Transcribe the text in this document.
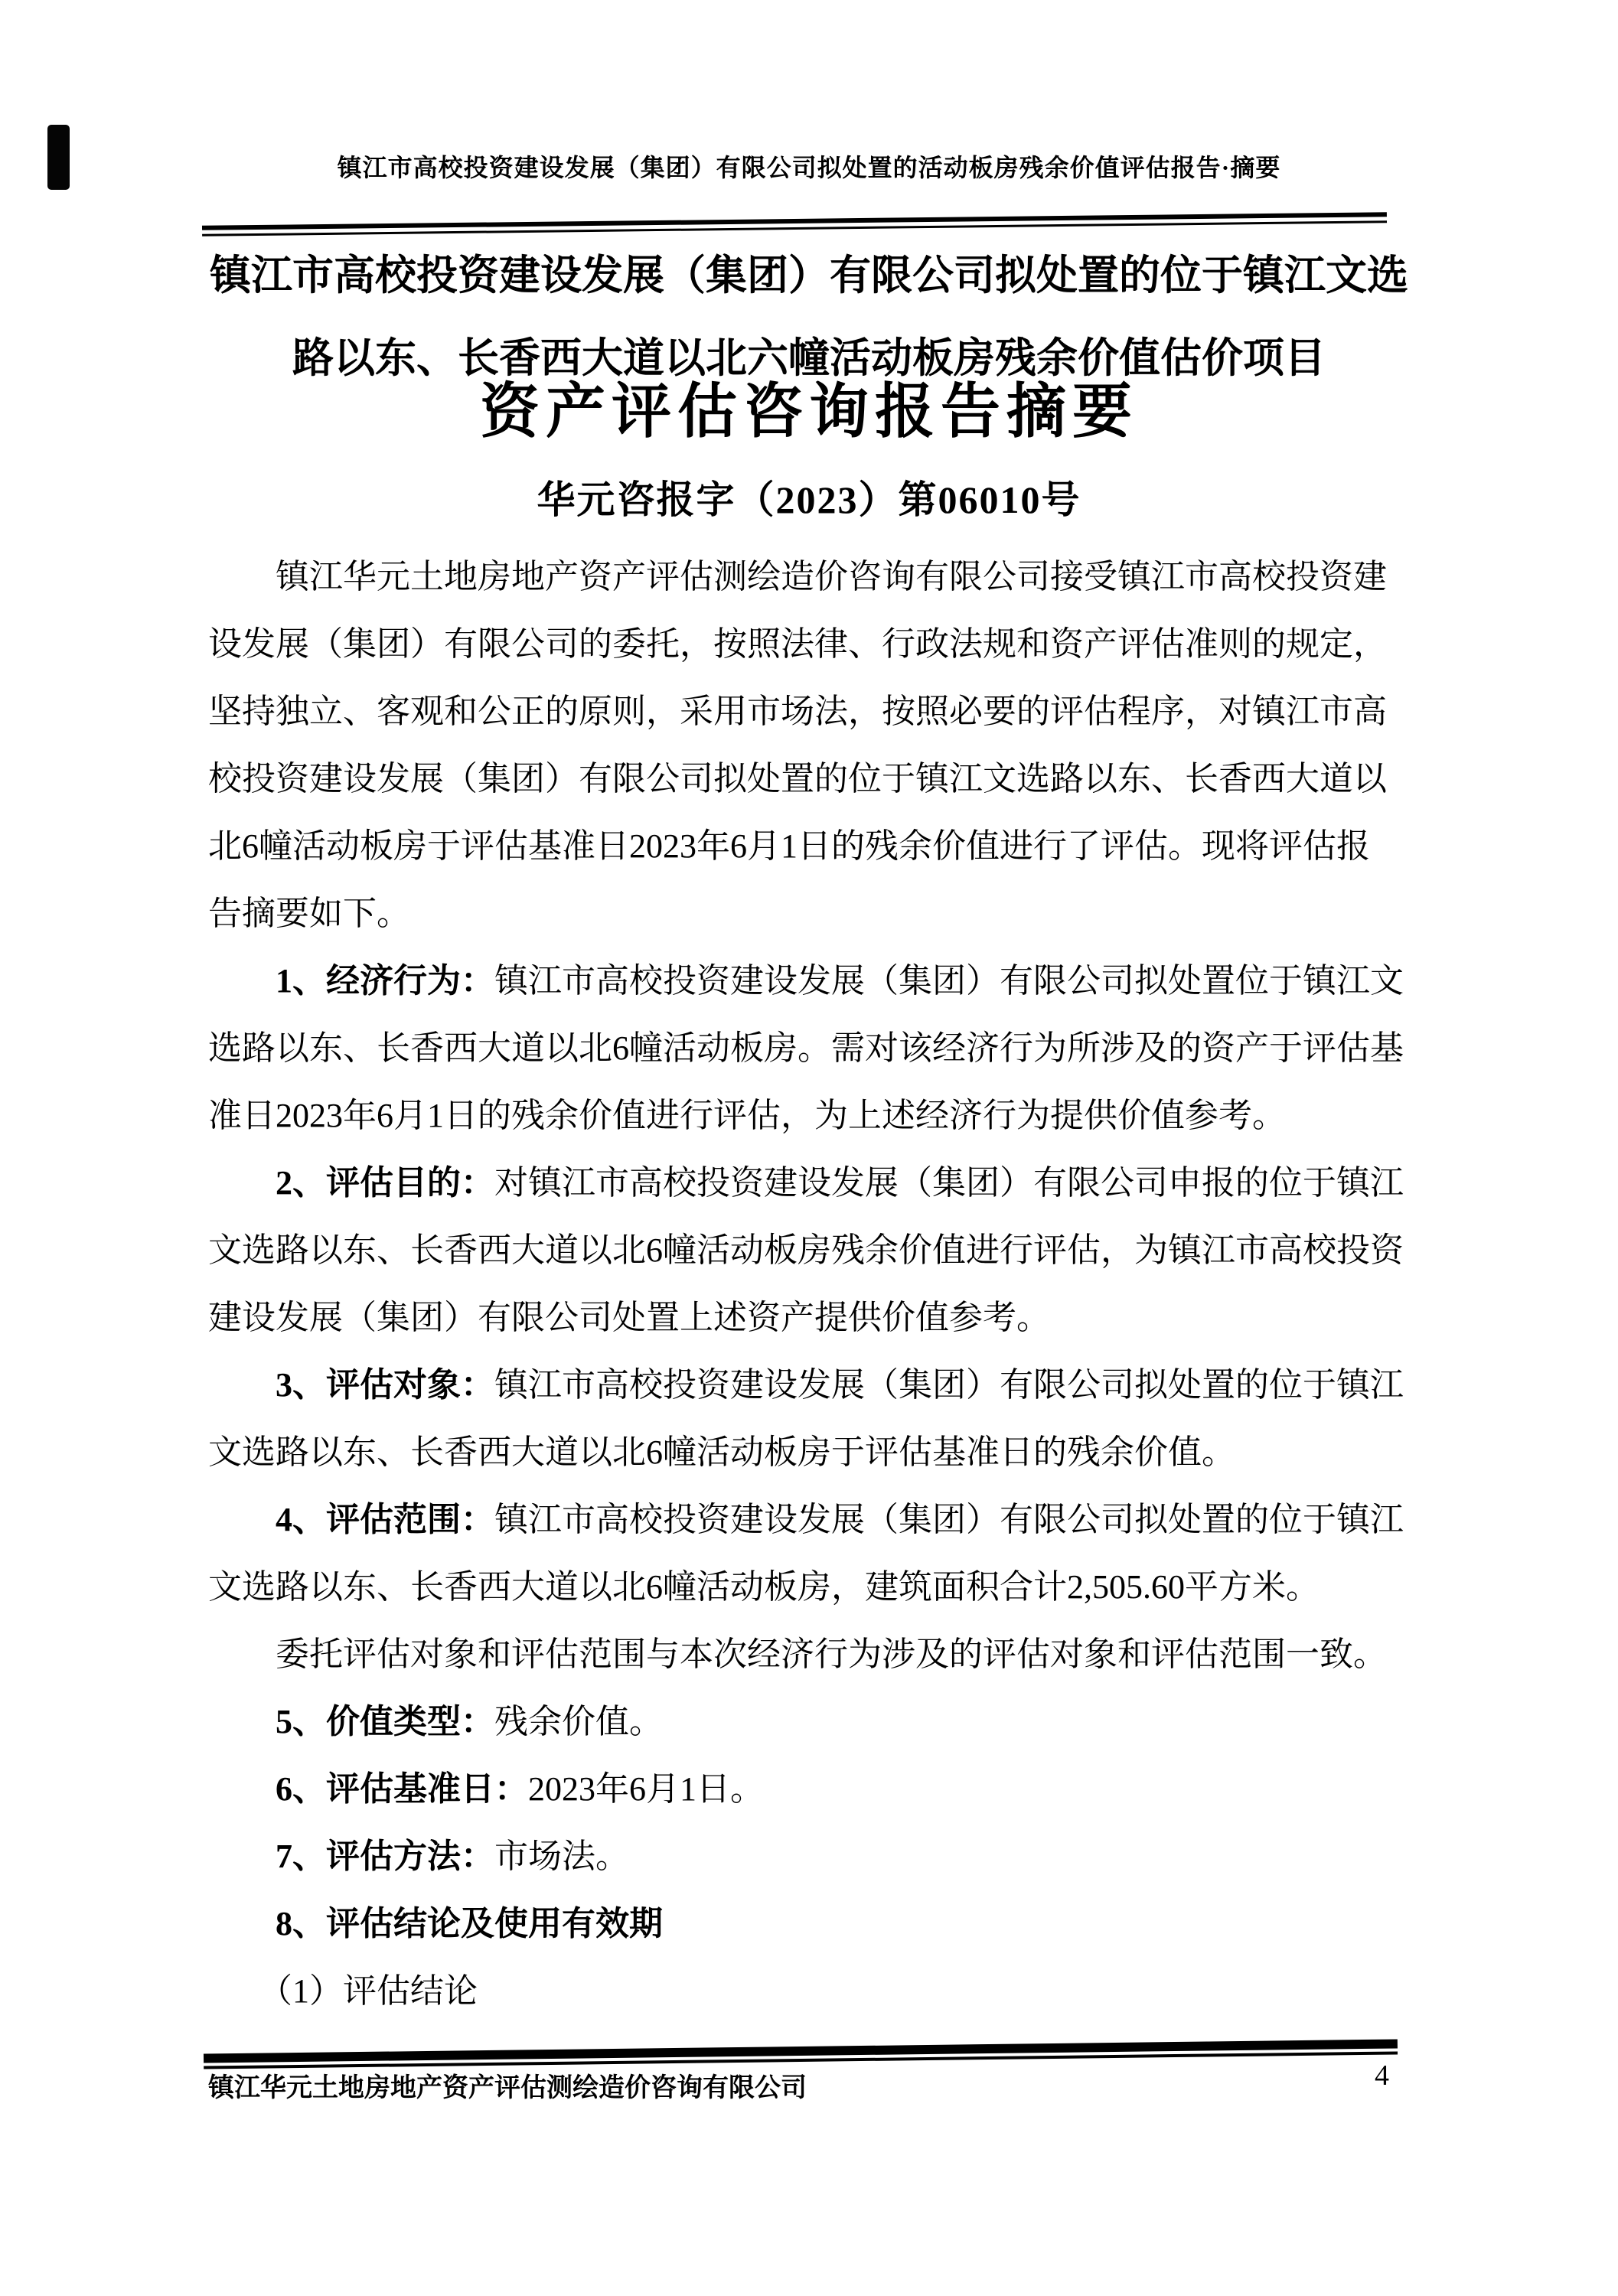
镇江市高校投资建设发展（集团）有限公司拟处置的活动板房残余价值评估报告·摘要
镇江市高校投资建设发展（集团）有限公司拟处置的位于镇江文选
路以东、长香西大道以北六幢活动板房残余价值估价项目
资产评估咨询报告摘要
华元咨报字（2023）第06010号
镇江华元土地房地产资产评估测绘造价咨询有限公司接受镇江市高校投资建
设发展（集团）有限公司的委托，按照法律、行政法规和资产评估准则的规定，
坚持独立、客观和公正的原则，采用市场法，按照必要的评估程序，对镇江市高
校投资建设发展（集团）有限公司拟处置的位于镇江文选路以东、长香西大道以
北6幢活动板房于评估基准日2023年6月1日的残余价值进行了评估。现将评估报
告摘要如下。
1、经济行为：镇江市高校投资建设发展（集团）有限公司拟处置位于镇江文
选路以东、长香西大道以北6幢活动板房。需对该经济行为所涉及的资产于评估基
准日2023年6月1日的残余价值进行评估，为上述经济行为提供价值参考。
2、评估目的：对镇江市高校投资建设发展（集团）有限公司申报的位于镇江
文选路以东、长香西大道以北6幢活动板房残余价值进行评估，为镇江市高校投资
建设发展（集团）有限公司处置上述资产提供价值参考。
3、评估对象：镇江市高校投资建设发展（集团）有限公司拟处置的位于镇江
文选路以东、长香西大道以北6幢活动板房于评估基准日的残余价值。
4、评估范围：镇江市高校投资建设发展（集团）有限公司拟处置的位于镇江
文选路以东、长香西大道以北6幢活动板房，建筑面积合计2,505.60平方米。
委托评估对象和评估范围与本次经济行为涉及的评估对象和评估范围一致。
5、价值类型：残余价值。
6、评估基准日：2023年6月1日。
7、评估方法：市场法。
8、评估结论及使用有效期
（1）评估结论
镇江华元土地房地产资产评估测绘造价咨询有限公司	4
